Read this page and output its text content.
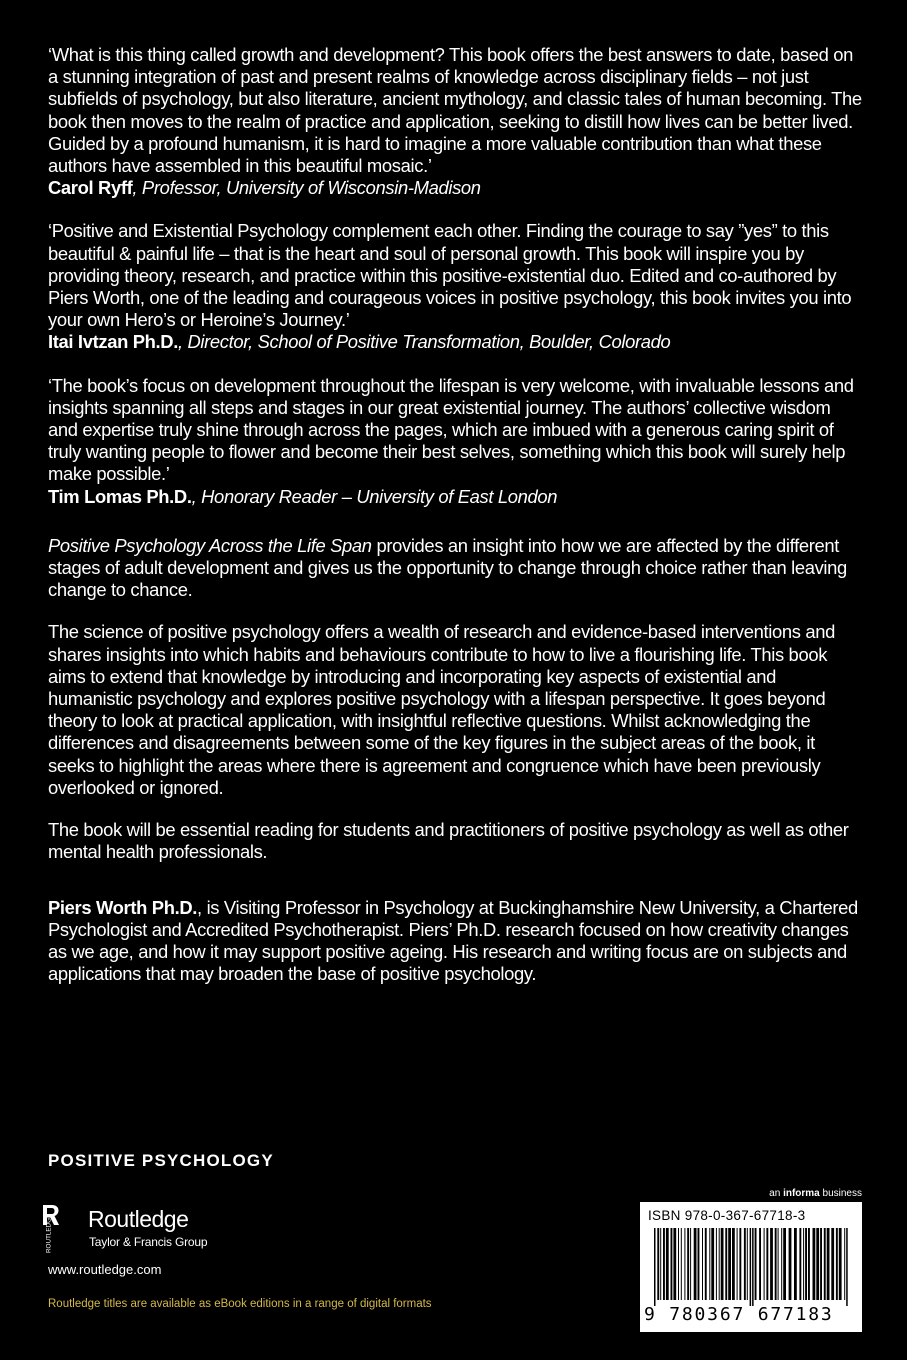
‘What is this thing called growth and development? This book offers the best answers to date, based on a stunning integration of past and present realms of knowledge across disciplinary fields – not just subfields of psychology, but also literature, ancient mythology, and classic tales of human becoming. The book then moves to the realm of practice and application, seeking to distill how lives can be better lived. Guided by a profound humanism, it is hard to imagine a more valuable contribution than what these authors have assembled in this beautiful mosaic.’
Carol Ryff, Professor, University of Wisconsin-Madison

‘Positive and Existential Psychology complement each other. Finding the courage to say ”yes” to this beautiful & painful life – that is the heart and soul of personal growth. This book will inspire you by providing theory, research, and practice within this positive-existential duo. Edited and co-authored by Piers Worth, one of the leading and courageous voices in positive psychology, this book invites you into your own Hero’s or Heroine’s Journey.’
Itai Ivtzan Ph.D., Director, School of Positive Transformation, Boulder, Colorado

‘The book’s focus on development throughout the lifespan is very welcome, with invaluable lessons and insights spanning all steps and stages in our great existential journey. The authors’ collective wisdom and expertise truly shine through across the pages, which are imbued with a generous caring spirit of truly wanting people to flower and become their best selves, something which this book will surely help make possible.’
Tim Lomas Ph.D., Honorary Reader – University of East London

Positive Psychology Across the Life Span provides an insight into how we are affected by the different stages of adult development and gives us the opportunity to change through choice rather than leaving change to chance.

The science of positive psychology offers a wealth of research and evidence-based interventions and shares insights into which habits and behaviours contribute to how to live a flourishing life. This book aims to extend that knowledge by introducing and incorporating key aspects of existential and humanistic psychology and explores positive psychology with a lifespan perspective. It goes beyond theory to look at practical application, with insightful reflective questions. Whilst acknowledging the differences and disagreements between some of the key figures in the subject areas of the book, it seeks to highlight the areas where there is agreement and congruence which have been previously overlooked or ignored.

The book will be essential reading for students and practitioners of positive psychology as well as other mental health professionals.

Piers Worth Ph.D., is Visiting Professor in Psychology at Buckinghamshire New University, a Chartered Psychologist and Accredited Psychotherapist. Piers’ Ph.D. research focused on how creativity changes as we age, and how it may support positive ageing. His research and writing focus are on subjects and applications that may broaden the base of positive psychology.

POSITIVE PSYCHOLOGY
ROUTLEDGE Routledge
Taylor & Francis Group
www.routledge.com
Routledge titles are available as eBook editions in a range of digital formats
an informa business
ISBN 978-0-367-67718-3
9 780367 677183
